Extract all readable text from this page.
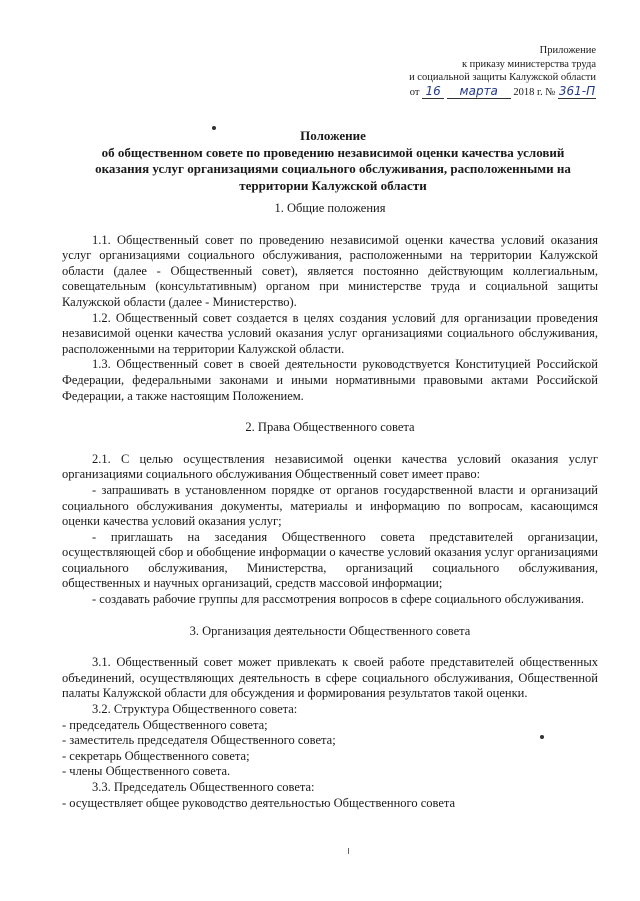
Приложение
к приказу министерства труда
и социальной защиты Калужской области
от 16 марта 2018 г. № 361-П
Положение
об общественном совете по проведению независимой оценки качества условий
оказания услуг организациями социального обслуживания, расположенными на
территории Калужской области

1. Общие положения

1.1. Общественный совет по проведению независимой оценки качества условий оказания услуг организациями социального обслуживания, расположенными на территории Калужской области (далее - Общественный совет), является постоянно действующим коллегиальным, совещательным (консультативным) органом при министерстве труда и социальной защиты Калужской области (далее - Министерство).

1.2. Общественный совет создается в целях создания условий для организации проведения независимой оценки качества условий оказания услуг организациями социального обслуживания, расположенными на территории Калужской области.

1.3. Общественный совет в своей деятельности руководствуется Конституцией Российской Федерации, федеральными законами и иными нормативными правовыми актами Российской Федерации, а также настоящим Положением.

2. Права Общественного совета

2.1. С целью осуществления независимой оценки качества условий оказания услуг организациями социального обслуживания Общественный совет имеет право:

- запрашивать в установленном порядке от органов государственной власти и организаций социального обслуживания документы, материалы и информацию по вопросам, касающимся оценки качества условий оказания услуг;

- приглашать на заседания Общественного совета представителей организации, осуществляющей сбор и обобщение информации о качестве условий оказания услуг организациями социального обслуживания, Министерства, организаций социального обслуживания, общественных и научных организаций, средств массовой информации;

- создавать рабочие группы для рассмотрения вопросов в сфере социального обслуживания.

3. Организация деятельности Общественного совета

3.1. Общественный совет может привлекать к своей работе представителей общественных объединений, осуществляющих деятельность в сфере социального обслуживания, Общественной палаты Калужской области для обсуждения и формирования результатов такой оценки.

3.2. Структура Общественного совета:

- председатель Общественного совета;

- заместитель председателя Общественного совета;

- секретарь Общественного совета;

- члены Общественного совета.

3.3. Председатель Общественного совета:

- осуществляет общее руководство деятельностью Общественного совета
